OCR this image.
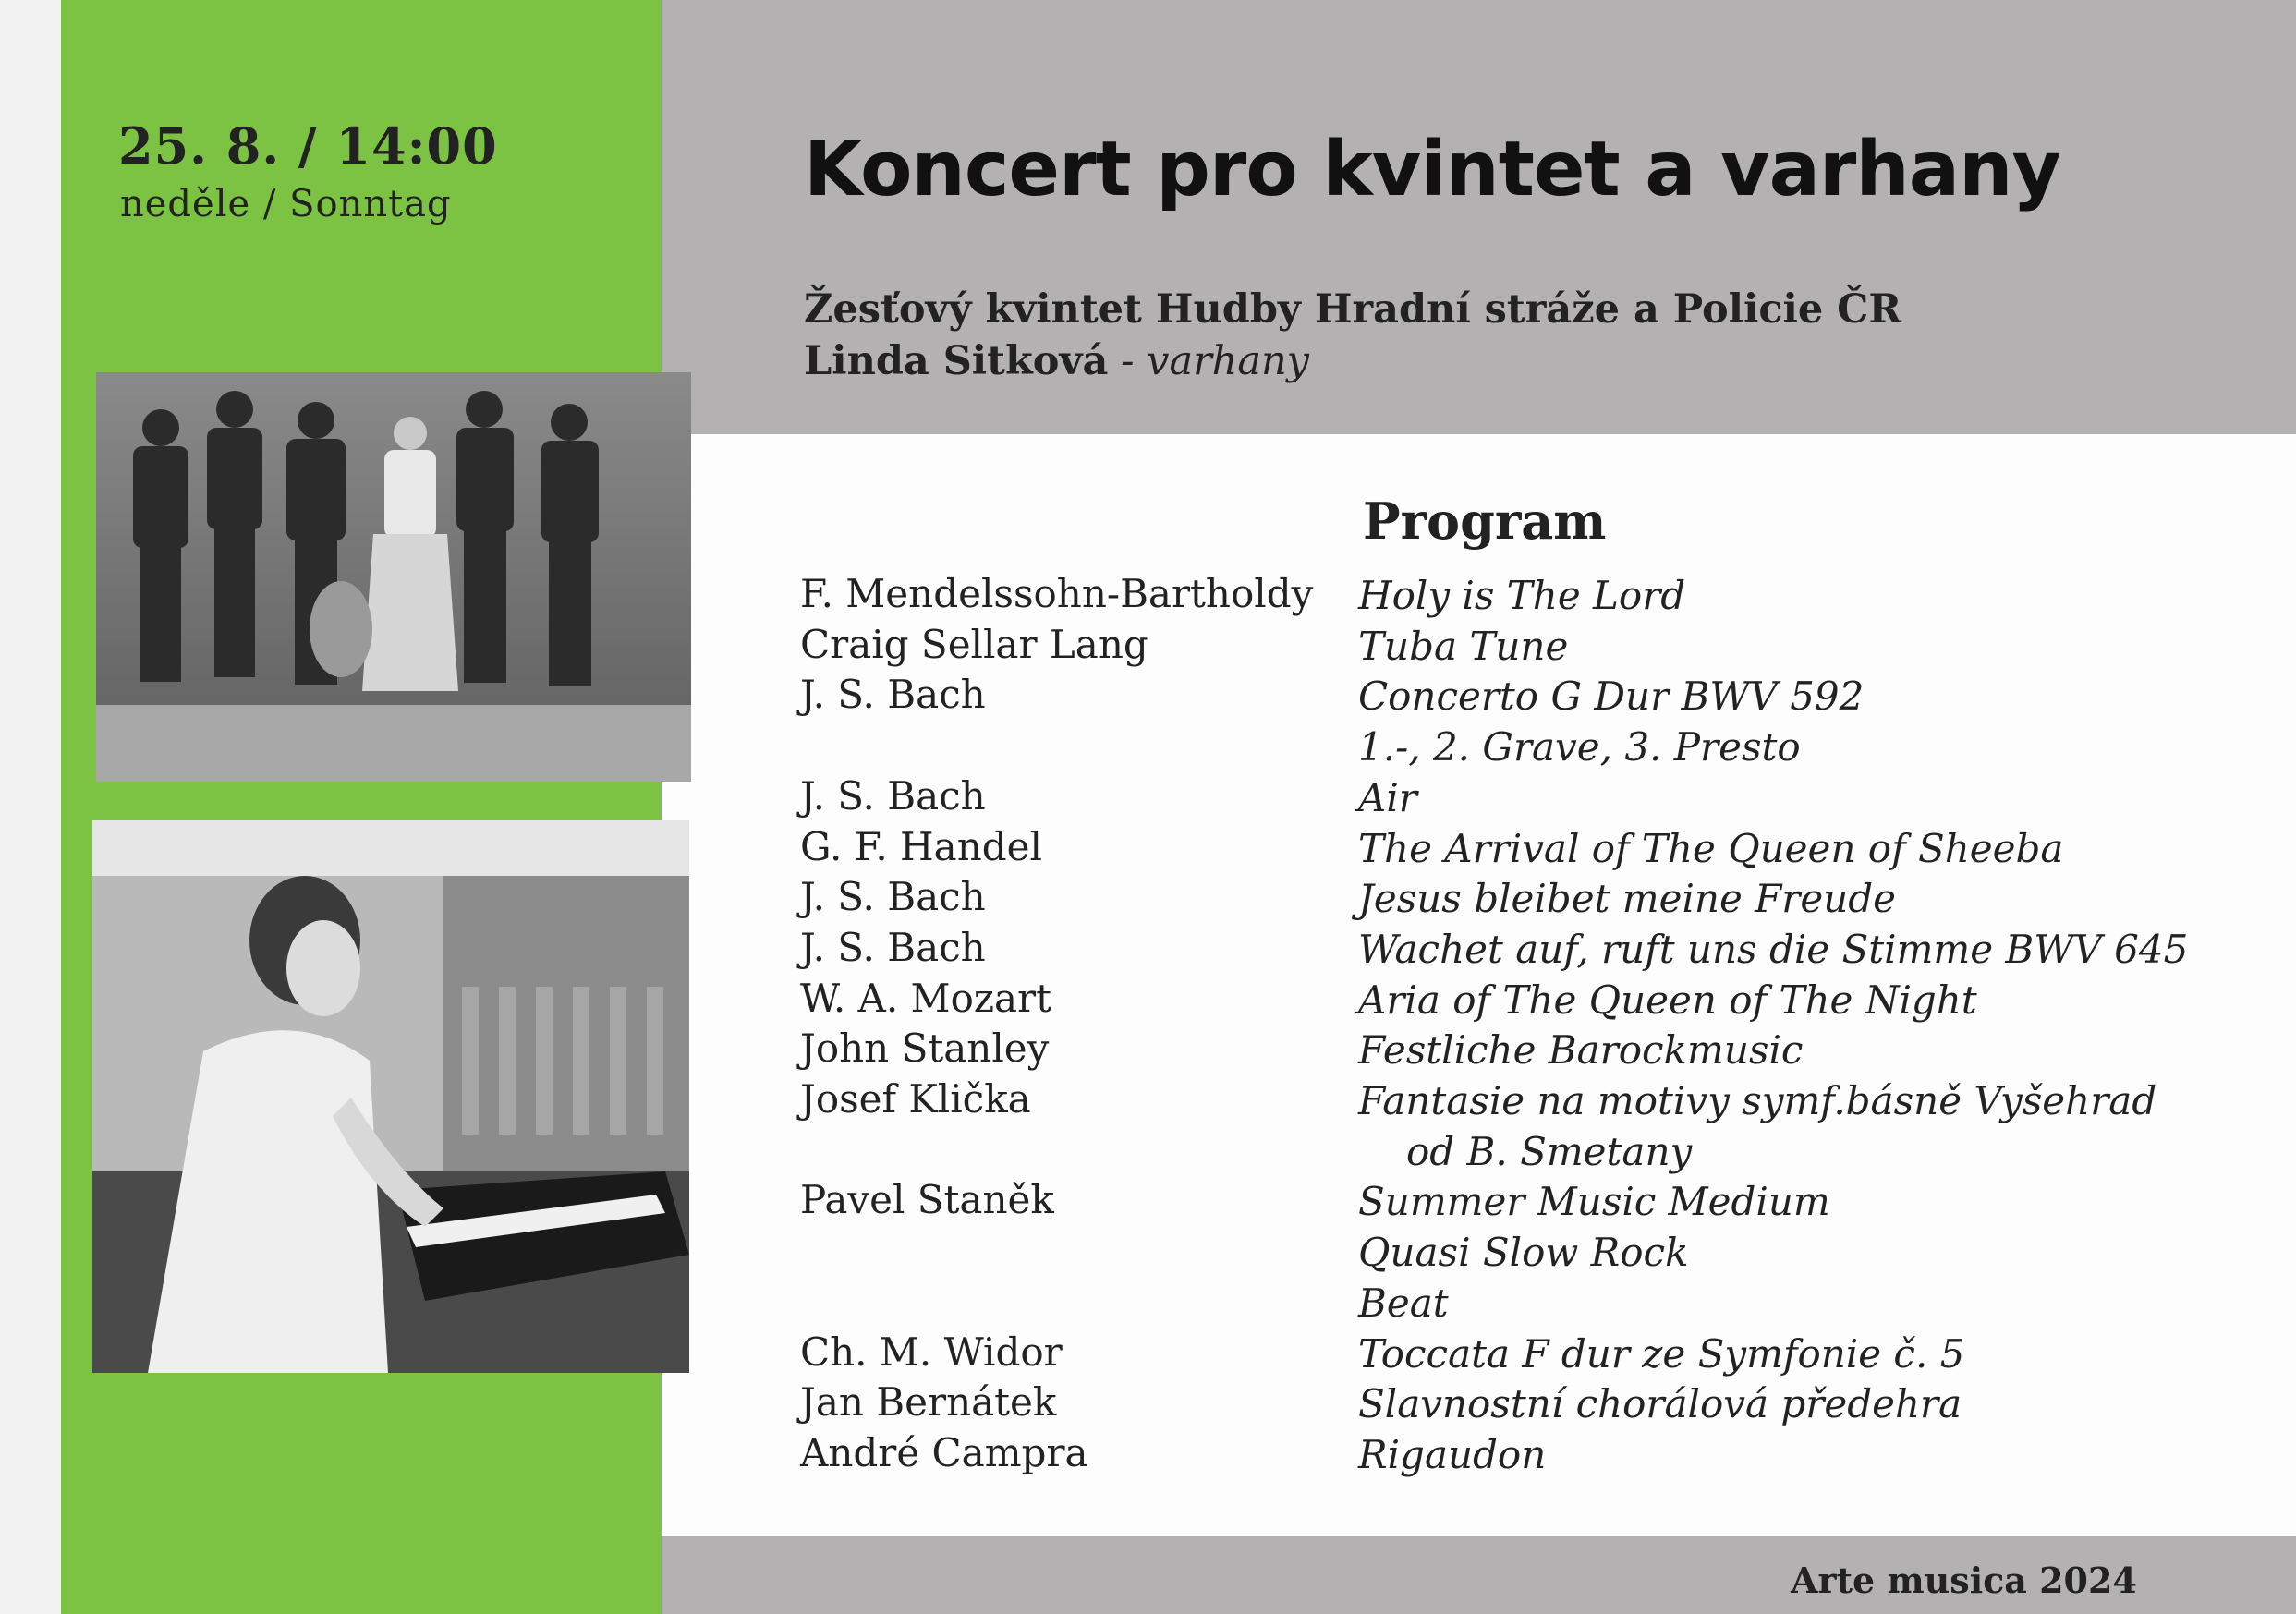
25. 8. / 14:00
neděle / Sonntag	Koncert pro kvintet a varhany
Žesťový kvintet Hudby Hradní stráže a Policie ČR
Linda Sitková - varhany
Program
F. Mendelssohn-Bartholdy
Craig Sellar Lang
J. S. Bach
J. S. Bach
G. F. Handel
J. S. Bach
J. S. Bach
W. A. Mozart
John Stanley
Josef Klička
Pavel Staněk
Ch. M. Widor
Jan Bernátek
André Campra
Holy is The Lord
Tuba Tune
Concerto G Dur BWV 592
1.-, 2. Grave, 3. Presto
Air
The Arrival of The Queen of Sheeba
Jesus bleibet meine Freude
Wachet auf, ruft uns die Stimme BWV 645
Aria of The Queen of The Night
Festliche Barockmusic
Fantasie na motivy symf.básně Vyšehrad
od B. Smetany
Summer Music Medium
Quasi Slow Rock
Beat
Toccata F dur ze Symfonie č. 5
Slavnostní chorálová předehra
Rigaudon
Arte musica 2024
